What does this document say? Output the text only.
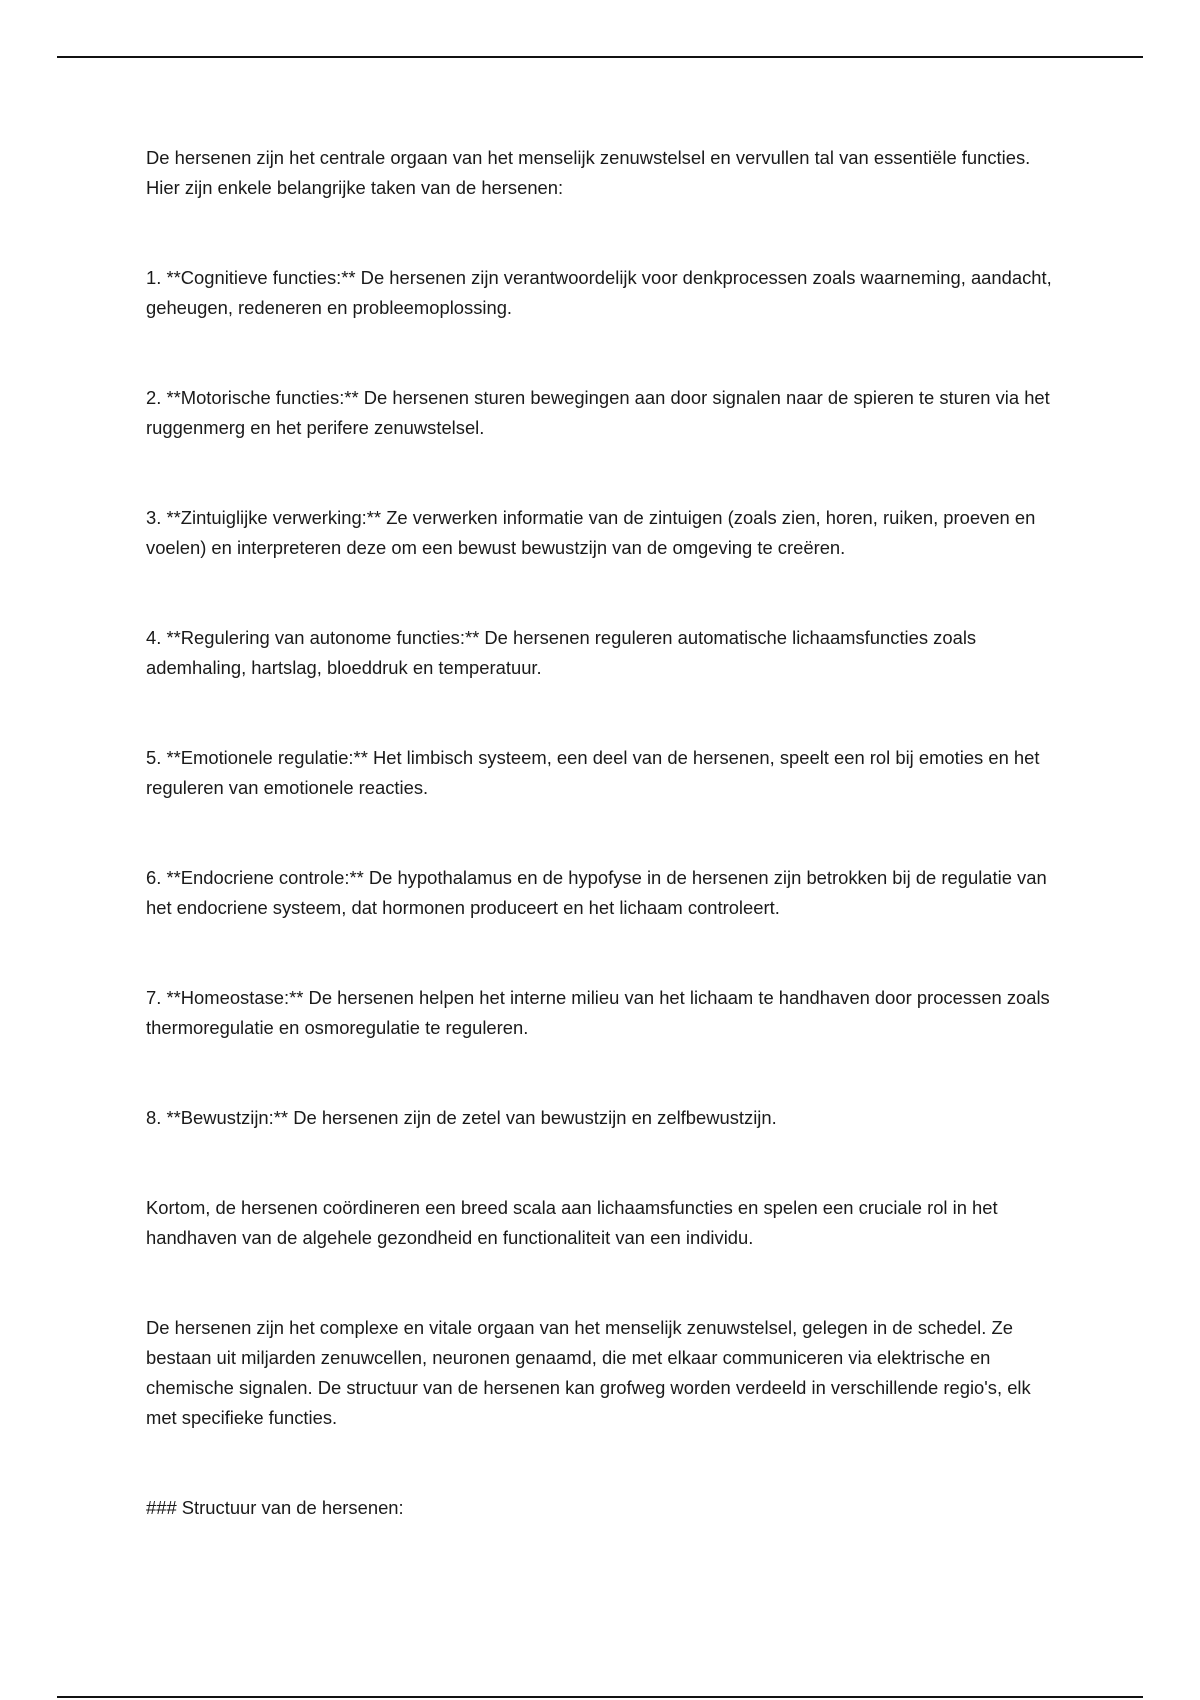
De hersenen zijn het centrale orgaan van het menselijk zenuwstelsel en vervullen tal van essentiële functies. Hier zijn enkele belangrijke taken van de hersenen:

1. **Cognitieve functies:** De hersenen zijn verantwoordelijk voor denkprocessen zoals waarneming, aandacht, geheugen, redeneren en probleemoplossing.

2. **Motorische functies:** De hersenen sturen bewegingen aan door signalen naar de spieren te sturen via het ruggenmerg en het perifere zenuwstelsel.

3. **Zintuiglijke verwerking:** Ze verwerken informatie van de zintuigen (zoals zien, horen, ruiken, proeven en voelen) en interpreteren deze om een bewust bewustzijn van de omgeving te creëren.

4. **Regulering van autonome functies:** De hersenen reguleren automatische lichaamsfuncties zoals ademhaling, hartslag, bloeddruk en temperatuur.

5. **Emotionele regulatie:** Het limbisch systeem, een deel van de hersenen, speelt een rol bij emoties en het reguleren van emotionele reacties.

6. **Endocriene controle:** De hypothalamus en de hypofyse in de hersenen zijn betrokken bij de regulatie van het endocriene systeem, dat hormonen produceert en het lichaam controleert.

7. **Homeostase:** De hersenen helpen het interne milieu van het lichaam te handhaven door processen zoals thermoregulatie en osmoregulatie te reguleren.

8. **Bewustzijn:** De hersenen zijn de zetel van bewustzijn en zelfbewustzijn.

Kortom, de hersenen coördineren een breed scala aan lichaamsfuncties en spelen een cruciale rol in het handhaven van de algehele gezondheid en functionaliteit van een individu.

De hersenen zijn het complexe en vitale orgaan van het menselijk zenuwstelsel, gelegen in de schedel. Ze bestaan uit miljarden zenuwcellen, neuronen genaamd, die met elkaar communiceren via elektrische en chemische signalen. De structuur van de hersenen kan grofweg worden verdeeld in verschillende regio's, elk met specifieke functies.

### Structuur van de hersenen:
